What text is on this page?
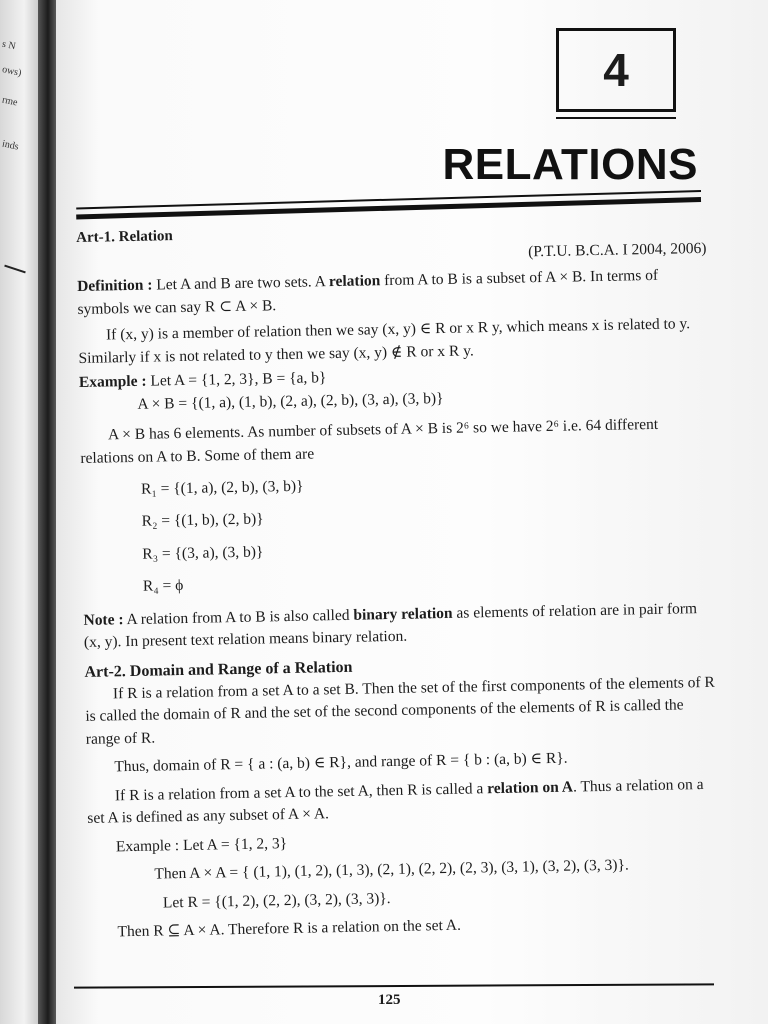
s N
ows)
rme
inds
4
RELATIONS

Art-1. Relation

(P.T.U. B.C.A. I 2004, 2006)

Definition : Let A and B are two sets. A relation from A to B is a subset of A × B. In terms of symbols we can say R ⊂ A × B.

If (x, y) is a member of relation then we say (x, y) ∈ R or x R y, which means x is related to y. Similarly if x is not related to y then we say (x, y) ∉ R or x R y.

Example : Let A = {1, 2, 3}, B = {a, b}

A × B = {(1, a), (1, b), (2, a), (2, b), (3, a), (3, b)}

A × B has 6 elements. As number of subsets of A × B is 2⁶ so we have 2⁶ i.e. 64 different relations on A to B. Some of them are

R₁ = {(1, a), (2, b), (3, b)}

R₂ = {(1, b), (2, b)}

R₃ = {(3, a), (3, b)}

R₄ = ϕ

Note : A relation from A to B is also called binary relation as elements of relation are in pair form (x, y). In present text relation means binary relation.

Art-2. Domain and Range of a Relation

If R is a relation from a set A to a set B. Then the set of the first components of the elements of R is called the domain of R and the set of the second components of the elements of R is called the range of R.

Thus, domain of R = { a : (a, b) ∈ R}, and range of R = { b : (a, b) ∈ R}.

If R is a relation from a set A to the set A, then R is called a relation on A. Thus a relation on a set A is defined as any subset of A × A.

Example : Let A = {1, 2, 3}

Then A × A = { (1, 1), (1, 2), (1, 3), (2, 1), (2, 2), (2, 3), (3, 1), (3, 2), (3, 3)}.

Let R = {(1, 2), (2, 2), (3, 2), (3, 3)}.

Then R ⊆ A × A. Therefore R is a relation on the set A.

125
